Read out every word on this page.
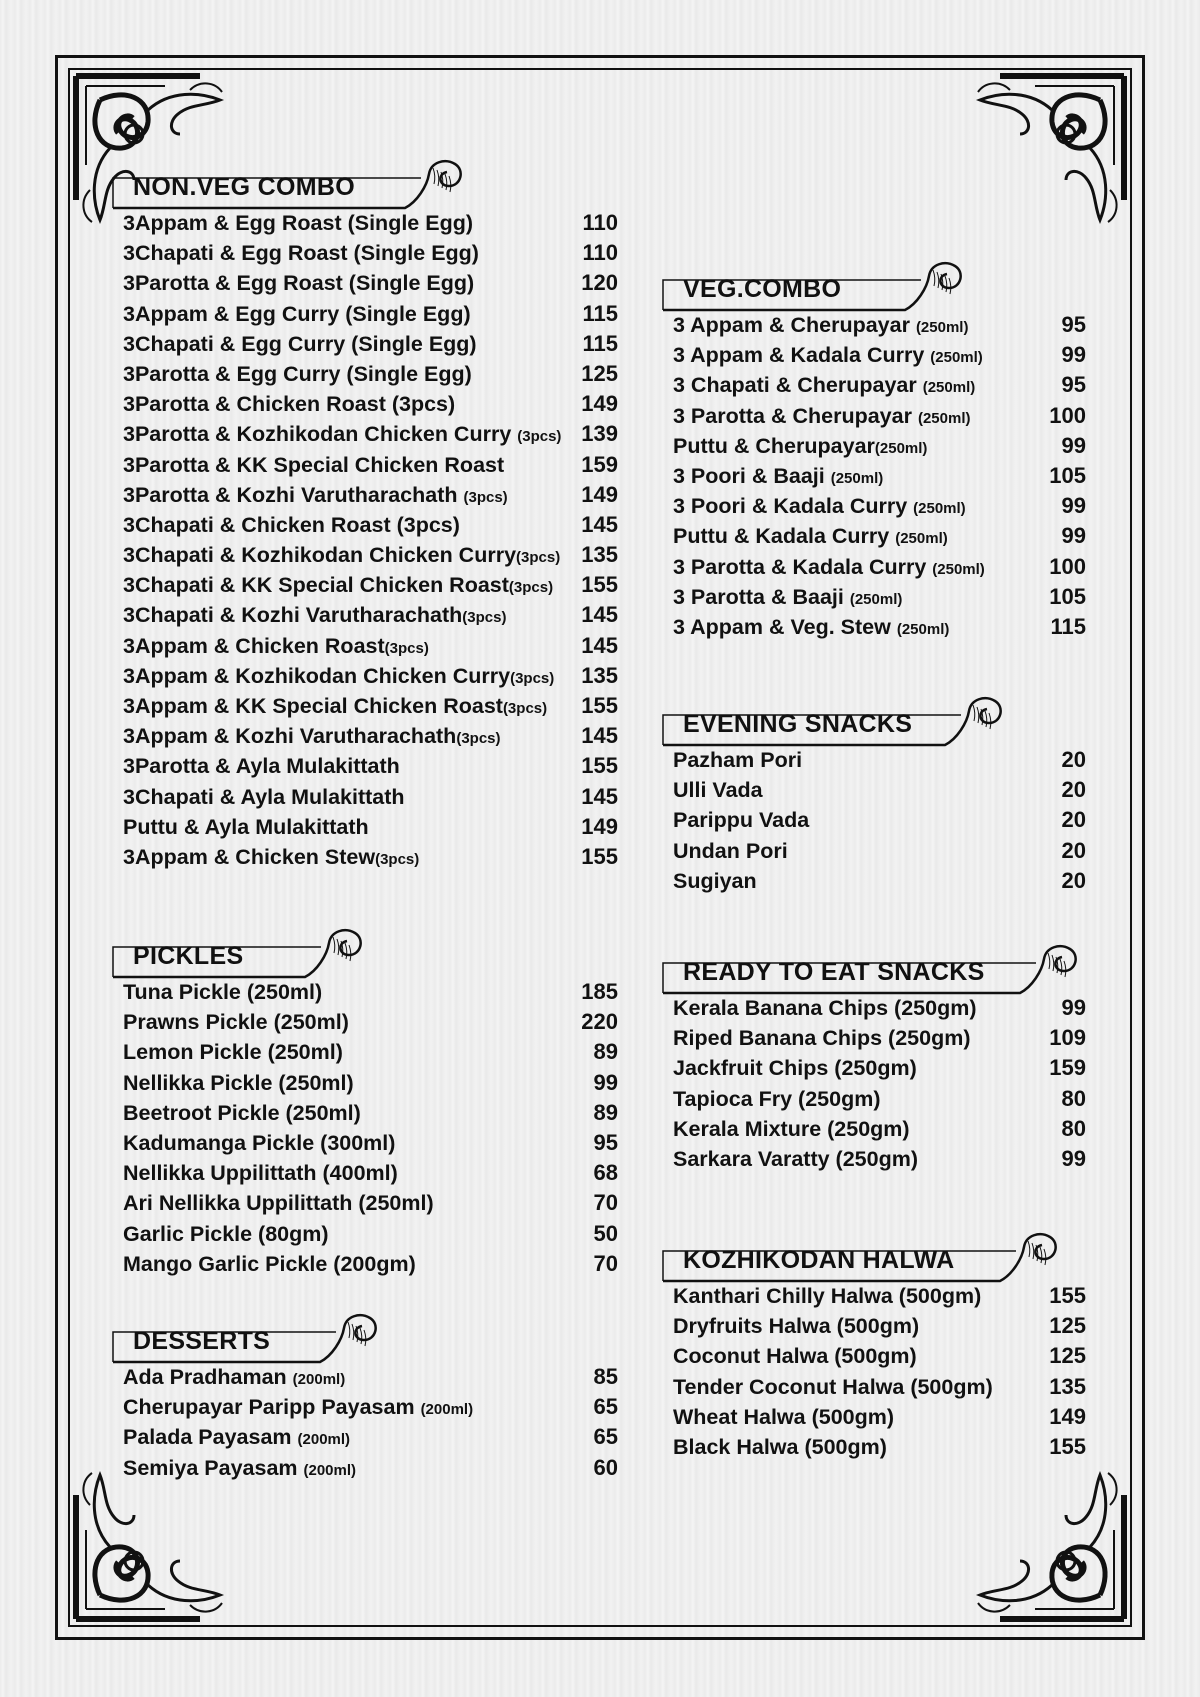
NON.VEG COMBO
3Appam & Egg Roast (Single Egg)	110
3Chapati & Egg Roast (Single Egg)	110
3Parotta & Egg Roast (Single Egg)	120
3Appam & Egg Curry (Single Egg)	115
3Chapati & Egg Curry (Single Egg)	115
3Parotta & Egg Curry (Single Egg)	125
3Parotta & Chicken Roast (3pcs)	149
3Parotta & Kozhikodan Chicken Curry (3pcs) 139
3Parotta & KK Special Chicken Roast	159
3Parotta & Kozhi Varutharachath (3pcs)	149
3Chapati & Chicken Roast (3pcs)	145
3Chapati & Kozhikodan Chicken Curry(3pcs) 135
3Chapati & KK Special Chicken Roast(3pcs) 155
3Chapati & Kozhi Varutharachath(3pcs)	145
3Appam & Chicken Roast(3pcs)	145
3Appam & Kozhikodan Chicken Curry(3pcs) 135
3Appam & KK Special Chicken Roast(3pcs) 155
3Appam & Kozhi Varutharachath(3pcs)	145
3Parotta & Ayla Mulakittath	155
3Chapati & Ayla Mulakittath	145
Puttu & Ayla Mulakittath	149
3Appam & Chicken Stew(3pcs)	155
PICKLES
Tuna Pickle (250ml)	185
Prawns Pickle (250ml)	220
Lemon Pickle (250ml)	89
Nellikka Pickle (250ml)	99
Beetroot Pickle (250ml)	89
Kadumanga Pickle (300ml)	95
Nellikka Uppilittath (400ml)	68
Ari Nellikka Uppilittath (250ml)	70
Garlic Pickle (80gm)	50
Mango Garlic Pickle (200gm)	70
DESSERTS
Ada Pradhaman (200ml)	85
Cherupayar Paripp Payasam (200ml)	65
Palada Payasam (200ml)	65
Semiya Payasam (200ml)	60
VEG.COMBO
3 Appam & Cherupayar (250ml)	95
3 Appam & Kadala Curry (250ml)	99
3 Chapati & Cherupayar (250ml)	95
3 Parotta & Cherupayar (250ml)	100
Puttu & Cherupayar(250ml)	99
3 Poori & Baaji (250ml)	105
3 Poori & Kadala Curry (250ml)	99
Puttu & Kadala Curry (250ml)	99
3 Parotta & Kadala Curry (250ml)	100
3 Parotta & Baaji (250ml)	105
3 Appam & Veg. Stew (250ml)	115
EVENING SNACKS
Pazham Pori	20
Ulli Vada	20
Parippu Vada	20
Undan Pori	20
Sugiyan	20
READY TO EAT SNACKS
Kerala Banana Chips (250gm)	99
Riped Banana Chips (250gm)	109
Jackfruit Chips (250gm)	159
Tapioca Fry (250gm)	80
Kerala Mixture (250gm)	80
Sarkara Varatty (250gm)	99
KOZHIKODAN HALWA
Kanthari Chilly Halwa (500gm)	155
Dryfruits Halwa (500gm)	125
Coconut Halwa (500gm)	125
Tender Coconut Halwa (500gm)	135
Wheat Halwa (500gm)	149
Black Halwa (500gm)	155
